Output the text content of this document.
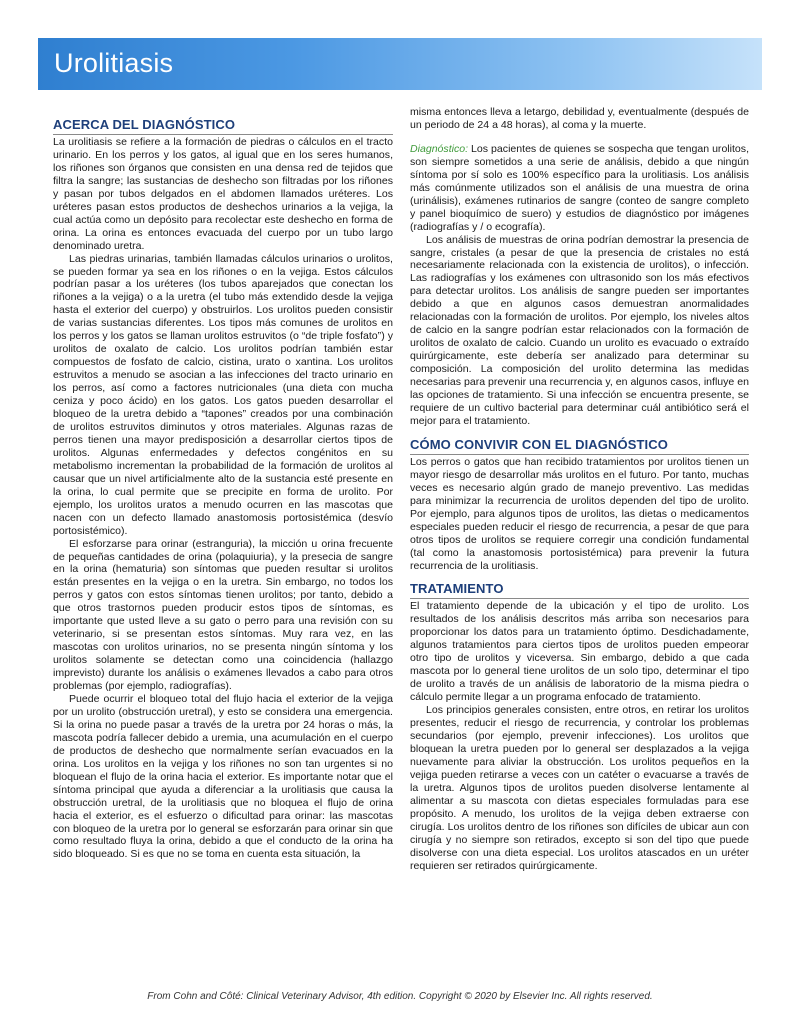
Urolitiasis
ACERCA DEL DIAGNÓSTICO

La urolitiasis se refiere a la formación de piedras o cálculos en el tracto urinario. En los perros y los gatos, al igual que en los seres humanos, los riñones son órganos que consisten en una densa red de tejidos que filtra la sangre; las sustancias de deshecho son filtradas por los riñones y pasan por tubos delgados en el abdomen llamados uréteres. Los uréteres pasan estos productos de deshechos urinarios a la vejiga, la cual actúa como un depósito para recolectar este deshecho en forma de orina. La orina es entonces evacuada del cuerpo por un tubo largo denominado uretra.

Las piedras urinarias, también llamadas cálculos urinarios o urolitos, se pueden formar ya sea en los riñones o en la vejiga. Estos cálculos podrían pasar a los uréteres (los tubos aparejados que conectan los riñones a la vejiga) o a la uretra (el tubo más extendido desde la vejiga hasta el exterior del cuerpo) y obstruirlos. Los urolitos pueden consistir de varias sustancias diferentes. Los tipos más comunes de urolitos en los perros y los gatos se llaman urolitos estruvitos (o “de triple fosfato”) y urolitos de oxalato de calcio. Los urolitos podrían también estar compuestos de fosfato de calcio, cistina, urato o xantina. Los urolitos estruvitos a menudo se asocian a las infecciones del tracto urinario en los perros, así como a factores nutricionales (una dieta con mucha ceniza y poco ácido) en los gatos. Los gatos pueden desarrollar el bloqueo de la uretra debido a “tapones” creados por una combinación de urolitos estruvitos diminutos y otros materiales. Algunas razas de perros tienen una mayor predisposición a desarrollar ciertos tipos de urolitos. Algunas enfermedades y defectos congénitos en su metabolismo incrementan la probabilidad de la formación de urolitos al causar que un nivel artificialmente alto de la sustancia esté presente en la orina, lo cual permite que se precipite en forma de urolito. Por ejemplo, los urolitos uratos a menudo ocurren en las mascotas que nacen con un defecto llamado anastomosis portosistémica (desvío portosistémico).

El esforzarse para orinar (estranguria), la micción u orina frecuente de pequeñas cantidades de orina (polaquiuria), y la presecia de sangre en la orina (hematuria) son síntomas que pueden resultar si urolitos están presentes en la vejiga o en la uretra. Sin embargo, no todos los perros y gatos con estos síntomas tienen urolitos; por tanto, debido a que otros trastornos pueden producir estos tipos de síntomas, es importante que usted lleve a su gato o perro para una revisión con su veterinario, si se presentan estos síntomas. Muy rara vez, en las mascotas con urolitos urinarios, no se presenta ningún síntoma y los urolitos solamente se detectan como una coincidencia (hallazgo imprevisto) durante los análisis o exámenes llevados a cabo para otros problemas (por ejemplo, radiografías).

Puede ocurrir el bloqueo total del flujo hacia el exterior de la vejiga por un urolito (obstrucción uretral), y esto se considera una emergencia. Si la orina no puede pasar a través de la uretra por 24 horas o más, la mascota podría fallecer debido a uremia, una acumulación en el cuerpo de productos de deshecho que normalmente serían evacuados en la orina. Los urolitos en la vejiga y los riñones no son tan urgentes si no bloquean el flujo de la orina hacia el exterior. Es importante notar que el síntoma principal que ayuda a diferenciar a la urolitiasis que causa la obstrucción uretral, de la urolitiasis que no bloquea el flujo de orina hacia el exterior, es el esfuerzo o dificultad para orinar: las mascotas con bloqueo de la uretra por lo general se esforzarán para orinar sin que como resultado fluya la orina, debido a que el conducto de la orina ha sido bloqueado. Si es que no se toma en cuenta esta situación, la

misma entonces lleva a letargo, debilidad y, eventualmente (después de un periodo de 24 a 48 horas), al coma y la muerte.

Diagnóstico: Los pacientes de quienes se sospecha que tengan urolitos, son siempre sometidos a una serie de análisis, debido a que ningún síntoma por sí solo es 100% específico para la urolitiasis. Los análisis más comúnmente utilizados son el análisis de una muestra de orina (urinálisis), exámenes rutinarios de sangre (conteo de sangre completo y panel bioquímico de suero) y estudios de diagnóstico por imágenes (radiografías y / o ecografía).

Los análisis de muestras de orina podrían demostrar la presencia de sangre, cristales (a pesar de que la presencia de cristales no está necesariamente relacionada con la existencia de urolitos), o infección. Las radiografías y los exámenes con ultrasonido son los más efectivos para detectar urolitos. Los análisis de sangre pueden ser importantes debido a que en algunos casos demuestran anormalidades relacionadas con la formación de urolitos. Por ejemplo, los niveles altos de calcio en la sangre podrían estar relacionados con la formación de urolitos de oxalato de calcio. Cuando un urolito es evacuado o extraído quirúrgicamente, este debería ser analizado para determinar su composición. La composición del urolito determina las medidas necesarias para prevenir una recurrencia y, en algunos casos, influye en las opciones de tratamiento. Si una infección se encuentra presente, se requiere de un cultivo bacterial para determinar cuál antibiótico será el mejor para el tratamiento.

CÓMO CONVIVIR CON EL DIAGNÓSTICO

Los perros o gatos que han recibido tratamientos por urolitos tienen un mayor riesgo de desarrollar más urolitos en el futuro. Por tanto, muchas veces es necesario algún grado de manejo preventivo. Las medidas para minimizar la recurrencia de urolitos dependen del tipo de urolito. Por ejemplo, para algunos tipos de urolitos, las dietas o medicamentos especiales pueden reducir el riesgo de recurrencia, a pesar de que para otros tipos de urolitos se requiere corregir una condición fundamental (tal como la anastomosis portosistémica) para prevenir la futura recurrencia de la urolitiasis.

TRATAMIENTO

El tratamiento depende de la ubicación y el tipo de urolito. Los resultados de los análisis descritos más arriba son necesarios para proporcionar los datos para un tratamiento óptimo. Desdichadamente, algunos tratamientos para ciertos tipos de urolitos pueden empeorar otro tipo de urolitos y viceversa. Sin embargo, debido a que cada mascota por lo general tiene urolitos de un solo tipo, determinar el tipo de urolito a través de un análisis de laboratorio de la misma piedra o cálculo permite llegar a un programa enfocado de tratamiento.

Los principios generales consisten, entre otros, en retirar los urolitos presentes, reducir el riesgo de recurrencia, y controlar los problemas secundarios (por ejemplo, prevenir infecciones). Los urolitos que bloquean la uretra pueden por lo general ser desplazados a la vejiga nuevamente para aliviar la obstrucción. Los urolitos pequeños en la vejiga pueden retirarse a veces con un catéter o evacuarse a través de la uretra. Algunos tipos de urolitos pueden disolverse lentamente al alimentar a su mascota con dietas especiales formuladas para ese propósito. A menudo, los urolitos de la vejiga deben extraerse con cirugía. Los urolitos dentro de los riñones son difíciles de ubicar aun con cirugía y no siempre son retirados, excepto si son del tipo que puede disolverse con una dieta especial. Los urolitos atascados en un uréter requieren ser retirados quirúrgicamente.

From Cohn and Côté: Clinical Veterinary Advisor, 4th edition. Copyright © 2020 by Elsevier Inc. All rights reserved.
